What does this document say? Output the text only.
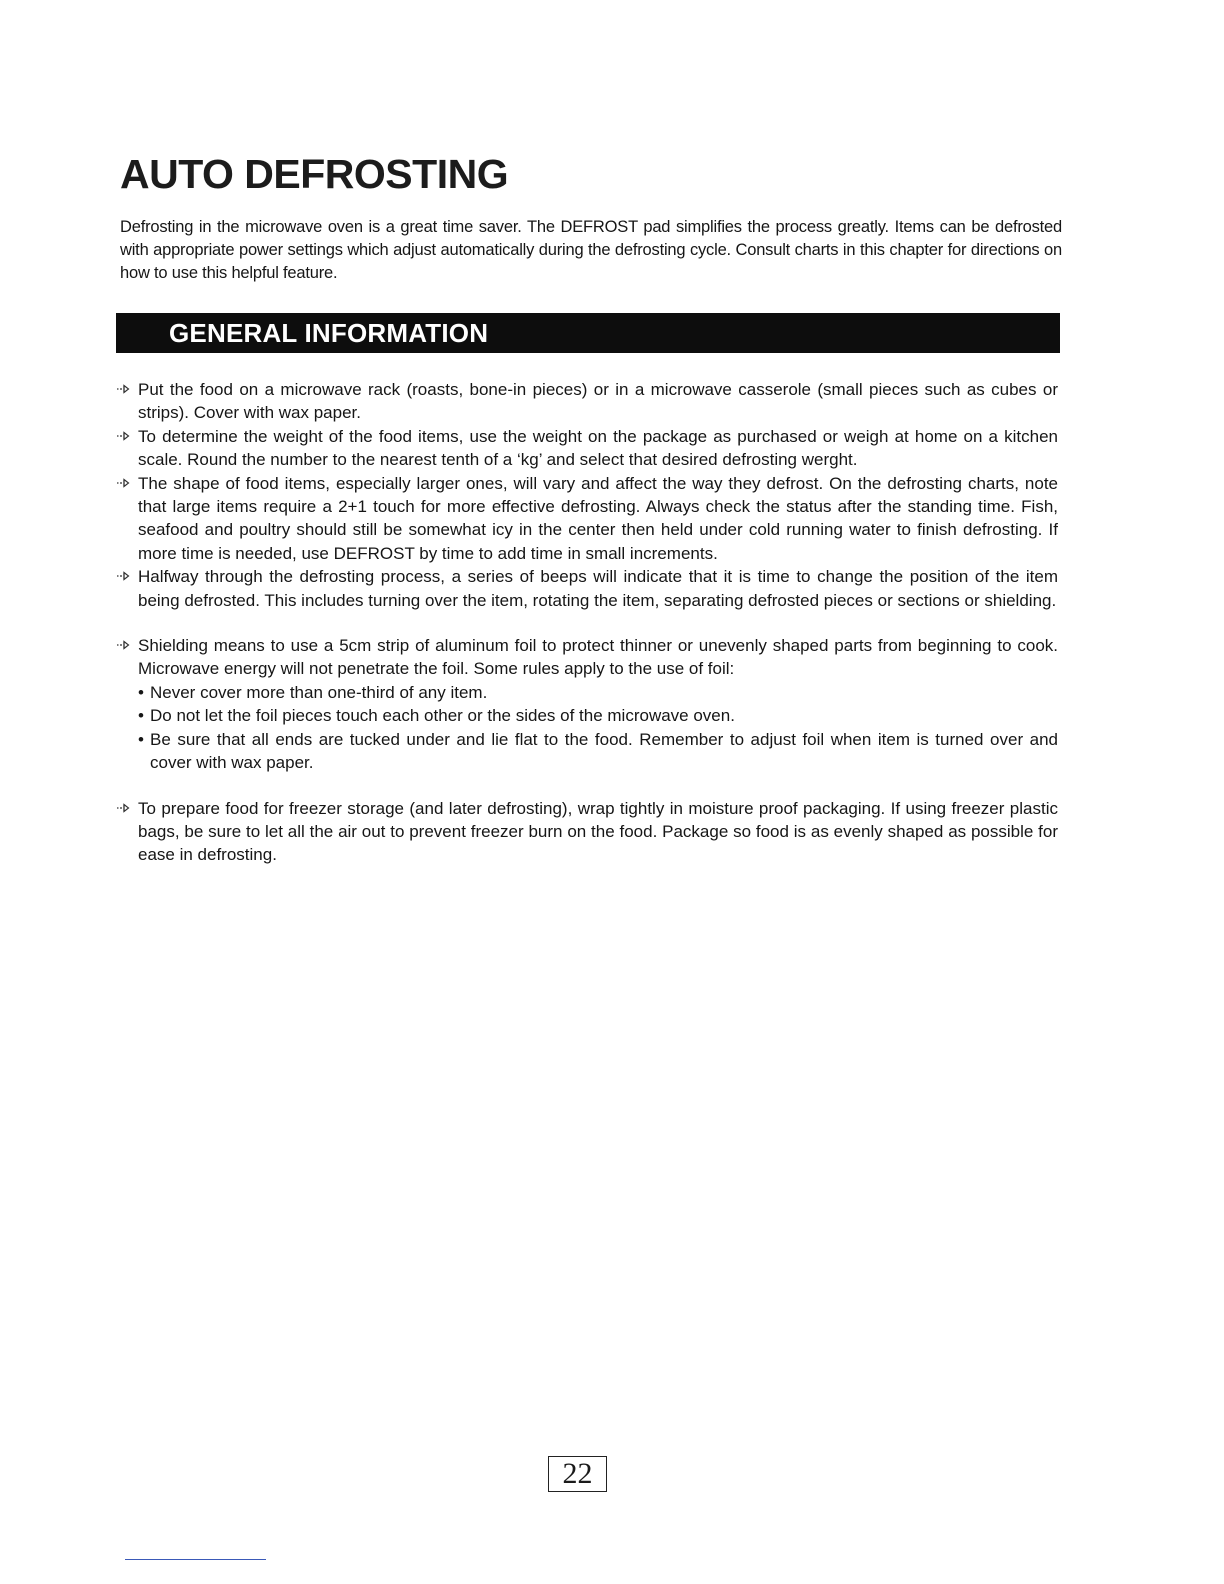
AUTO DEFROSTING

Defrosting in the microwave oven is a great time saver. The DEFROST pad simplifies the process greatly. Items can be defrosted with appropriate power settings which adjust automatically during the defrosting cycle. Consult charts in this chapter for directions on how to use this helpful feature.

GENERAL INFORMATION
Put the food on a microwave rack (roasts, bone-in pieces) or in a microwave casserole (small pieces such as cubes or strips). Cover with wax paper.
To determine the weight of the food items, use the weight on the package as purchased or weigh at home on a kitchen scale. Round the number to the nearest tenth of a ‘kg’ and select that desired defrosting werght.
The shape of food items, especially larger ones, will vary and affect the way they defrost. On the defrosting charts, note that large items require a 2+1 touch for more effective defrosting. Always check the status after the standing time. Fish, seafood and poultry should still be somewhat icy in the center then held under cold running water to finish defrosting. If more time is needed, use DEFROST by time to add time in small increments.
Halfway through the defrosting process, a series of beeps will indicate that it is time to change the position of the item being defrosted. This includes turning over the item, rotating the item, separating defrosted pieces or sections or shielding.
Shielding means to use a 5cm strip of aluminum foil to protect thinner or unevenly shaped parts from beginning to cook. Microwave energy will not penetrate the foil. Some rules apply to the use of foil:
• Never cover more than one-third of any item.
• Do not let the foil pieces touch each other or the sides of the microwave oven.
• Be sure that all ends are tucked under and lie flat to the food. Remember to adjust foil when item is turned over and cover with wax paper.
To prepare food for freezer storage (and later defrosting), wrap tightly in moisture proof packaging. If using freezer plastic bags, be sure to let all the air out to prevent freezer burn on the food. Package so food is as evenly shaped as possible for ease in defrosting.
22
